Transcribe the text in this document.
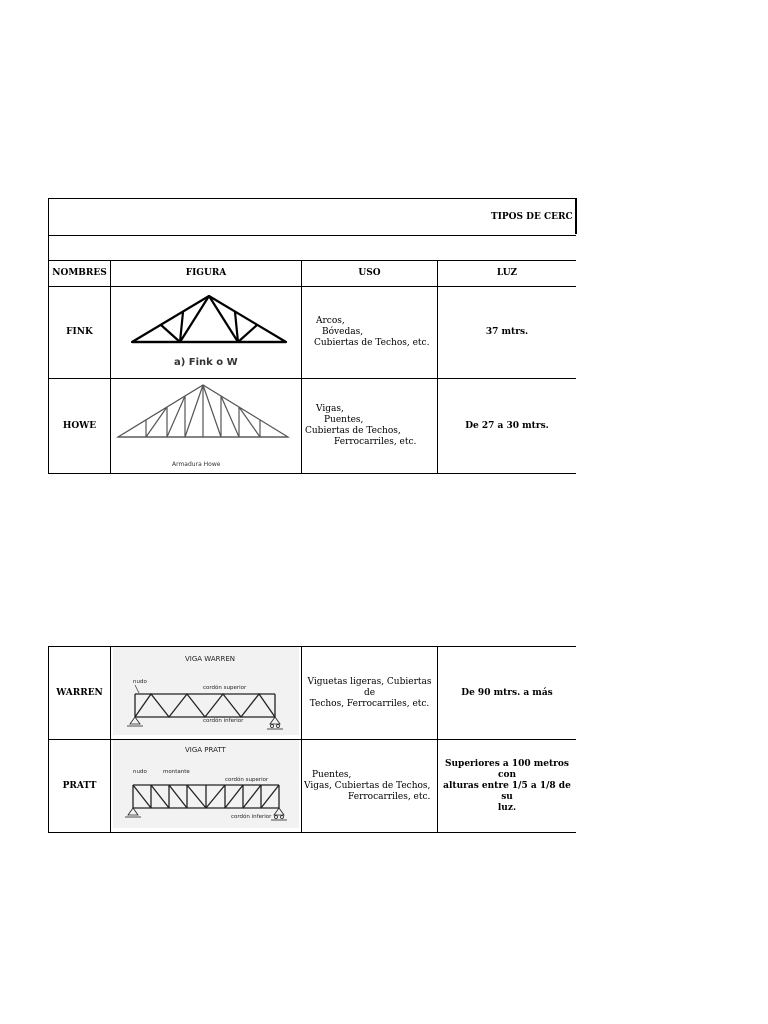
TIPOS DE CERC				

NOMBRES	FIGURA	USO	LUZ	
FINK	a) Fink o W	Arcos,
Bóvedas,
Cubiertas de Techos, etc.	37 mtrs.	

HOWE	Armadura Howe	Vigas,
Puentes,
Cubiertas de Techos,
Ferrocarriles, etc.	De 27 a 30 mtrs.	

WARREN	VIGA WARREN
nudo
cordón superior
cordón inferior	Viguetas ligeras, Cubiertas de
Techos, Ferrocarriles, etc.	De 90 mtrs. a más	

PRATT	VIGA PRATT
nudo montante
cordón superior
cordón inferior	Puentes,
Vigas, Cubiertas de Techos,
Ferrocarriles, etc.	Superiores a 100 metros con
alturas entre 1/5 a 1/8 de su
luz.	
